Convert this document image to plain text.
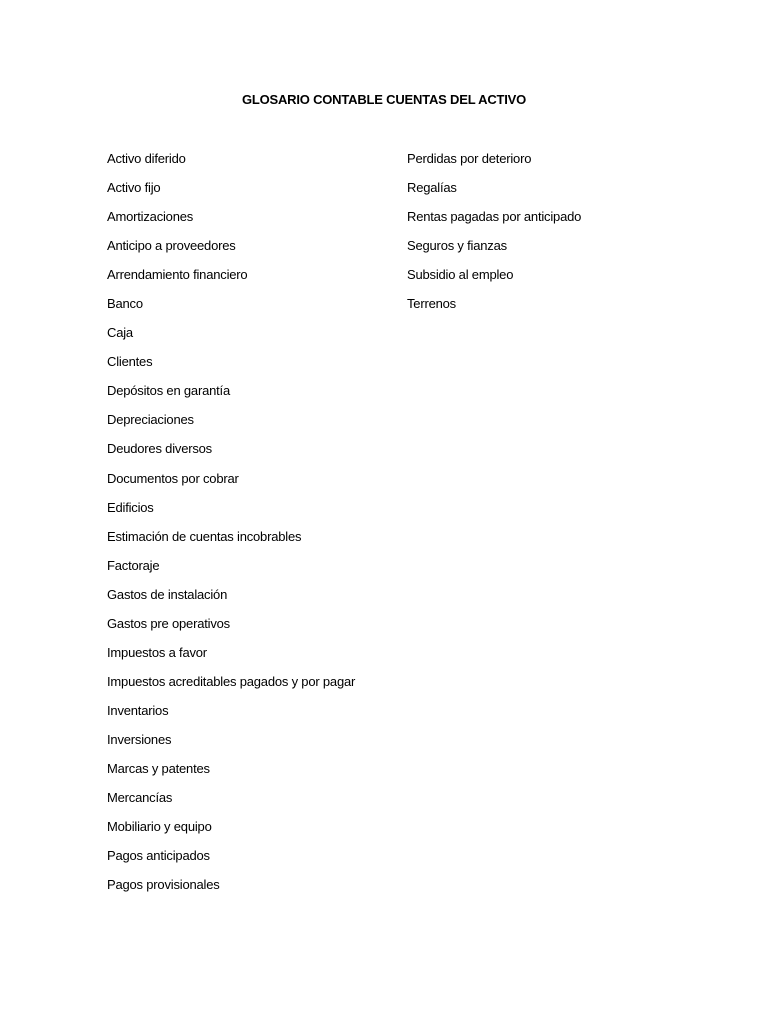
GLOSARIO CONTABLE CUENTAS DEL ACTIVO
Activo diferido
Activo fijo
Amortizaciones
Anticipo a proveedores
Arrendamiento financiero
Banco
Caja
Clientes
Depósitos en garantía
Depreciaciones
Deudores diversos
Documentos por cobrar
Edificios
Estimación de cuentas incobrables
Factoraje
Gastos de instalación
Gastos pre operativos
Impuestos a favor
Impuestos acreditables pagados y por pagar
Inventarios
Inversiones
Marcas y patentes
Mercancías
Mobiliario y equipo
Pagos anticipados
Pagos provisionales
Perdidas por deterioro
Regalías
Rentas pagadas por anticipado
Seguros y fianzas
Subsidio al empleo
Terrenos
